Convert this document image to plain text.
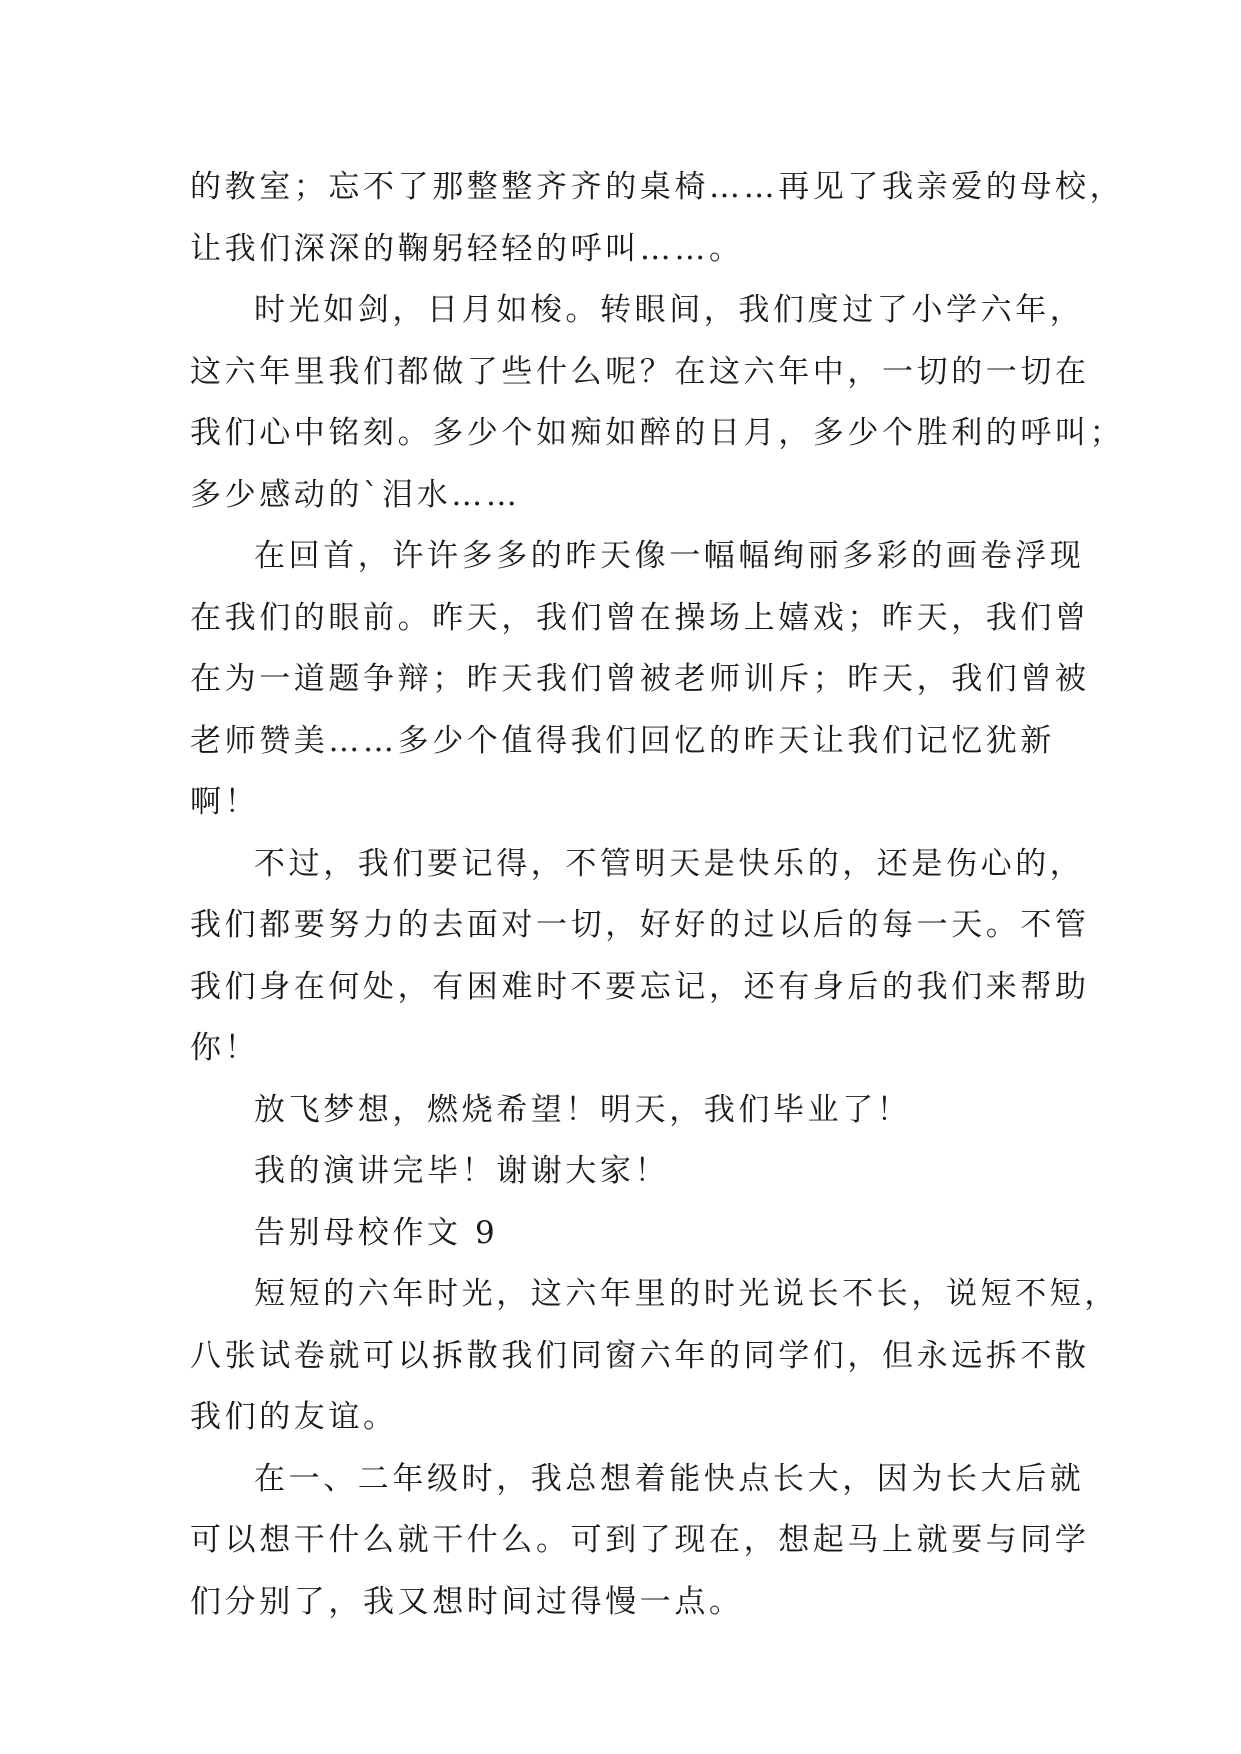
的教室；忘不了那整整齐齐的桌椅……再见了我亲爱的母校，
让我们深深的鞠躬轻轻的呼叫……。

时光如剑，日月如梭。转眼间，我们度过了小学六年，
这六年里我们都做了些什么呢？在这六年中，一切的一切在
我们心中铭刻。多少个如痴如醉的日月，多少个胜利的呼叫；
多少感动的`泪水……

在回首，许许多多的昨天像一幅幅绚丽多彩的画卷浮现
在我们的眼前。昨天，我们曾在操场上嬉戏；昨天，我们曾
在为一道题争辩；昨天我们曾被老师训斥；昨天，我们曾被
老师赞美……多少个值得我们回忆的昨天让我们记忆犹新
啊！

不过，我们要记得，不管明天是快乐的，还是伤心的，
我们都要努力的去面对一切，好好的过以后的每一天。不管
我们身在何处，有困难时不要忘记，还有身后的我们来帮助
你！

放飞梦想，燃烧希望！明天，我们毕业了！

我的演讲完毕！谢谢大家！

告别母校作文 9

短短的六年时光，这六年里的时光说长不长，说短不短，
八张试卷就可以拆散我们同窗六年的同学们，但永远拆不散
我们的友谊。

在一、二年级时，我总想着能快点长大，因为长大后就
可以想干什么就干什么。可到了现在，想起马上就要与同学
们分别了，我又想时间过得慢一点。
